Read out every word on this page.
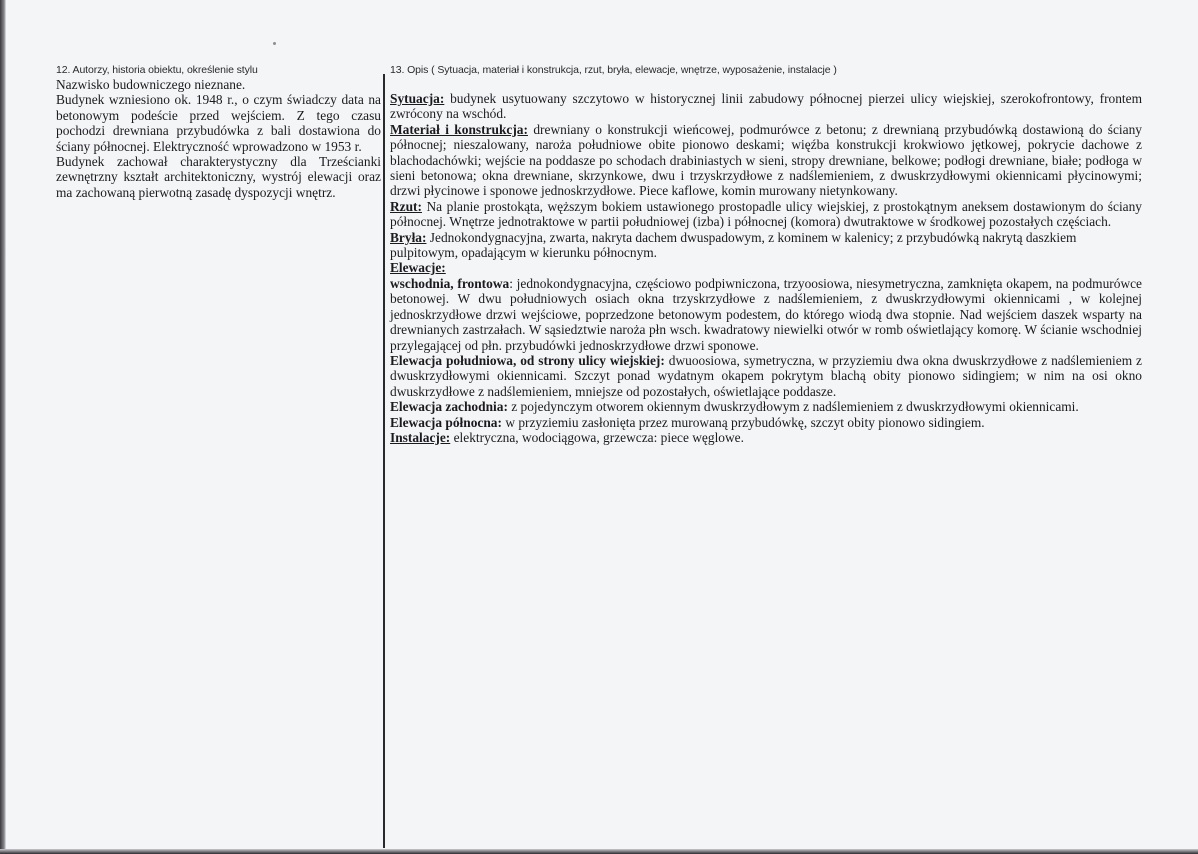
12. Autorzy, historia obiektu, określenie stylu

Nazwisko budowniczego nieznane.

Budynek wzniesiono ok. 1948 r., o czym świadczy data na betonowym podeście przed wejściem. Z tego czasu pochodzi drewniana przybudówka z bali dostawiona do ściany północnej. Elektryczność wprowadzono w 1953 r.

Budynek zachował charakterystyczny dla Trześcianki zewnętrzny kształt architektoniczny, wystrój elewacji oraz ma zachowaną pierwotną zasadę dyspozycji wnętrz.

13. Opis ( Sytuacja, materiał i konstrukcja, rzut, bryła, elewacje, wnętrze, wyposażenie, instalacje )

Sytuacja: budynek usytuowany szczytowo w historycznej linii zabudowy północnej pierzei ulicy wiejskiej, szerokofrontowy, frontem zwrócony na wschód.

Materiał i konstrukcja: drewniany o konstrukcji wieńcowej, podmurówce z betonu; z drewnianą przybudówką dostawioną do ściany północnej; nieszalowany, naroża południowe obite pionowo deskami; więźba konstrukcji krokwiowo jętkowej, pokrycie dachowe z blachodachówki; wejście na poddasze po schodach drabiniastych w sieni, stropy drewniane, belkowe; podłogi drewniane, białe; podłoga w sieni betonowa; okna drewniane, skrzynkowe, dwu i trzyskrzydłowe z nadślemieniem, z dwuskrzydłowymi okiennicami płycinowymi; drzwi płycinowe i sponowe jednoskrzydłowe. Piece kaflowe, komin murowany nietynkowany.

Rzut: Na planie prostokąta, węższym bokiem ustawionego prostopadle ulicy wiejskiej, z prostokątnym aneksem dostawionym do ściany północnej. Wnętrze jednotraktowe w partii południowej (izba) i północnej (komora) dwutraktowe w środkowej pozostałych częściach.

Bryła: Jednokondygnacyjna, zwarta, nakryta dachem dwuspadowym, z kominem w kalenicy; z przybudówką nakrytą daszkiem pulpitowym, opadającym w kierunku północnym.

Elewacje:

wschodnia, frontowa: jednokondygnacyjna, częściowo podpiwniczona, trzyoosiowa, niesymetryczna, zamknięta okapem, na podmurówce betonowej. W dwu południowych osiach okna trzyskrzydłowe z nadślemieniem, z dwuskrzydłowymi okiennicami , w kolejnej jednoskrzydłowe drzwi wejściowe, poprzedzone betonowym podestem, do którego wiodą dwa stopnie. Nad wejściem daszek wsparty na drewnianych zastrzałach. W sąsiedztwie naroża płn wsch. kwadratowy niewielki otwór w romb oświetlający komorę. W ścianie wschodniej przylegającej od płn. przybudówki jednoskrzydłowe drzwi sponowe.

Elewacja południowa, od strony ulicy wiejskiej: dwuoosiowa, symetryczna, w przyziemiu dwa okna dwuskrzydłowe z nadślemieniem z dwuskrzydłowymi okiennicami. Szczyt ponad wydatnym okapem pokrytym blachą obity pionowo sidingiem; w nim na osi okno dwuskrzydłowe z nadślemieniem, mniejsze od pozostałych, oświetlające poddasze.

Elewacja zachodnia: z pojedynczym otworem okiennym dwuskrzydłowym z nadślemieniem z dwuskrzydłowymi okiennicami.

Elewacja północna: w przyziemiu zasłonięta przez murowaną przybudówkę, szczyt obity pionowo sidingiem.

Instalacje: elektryczna, wodociągowa, grzewcza: piece węglowe.
